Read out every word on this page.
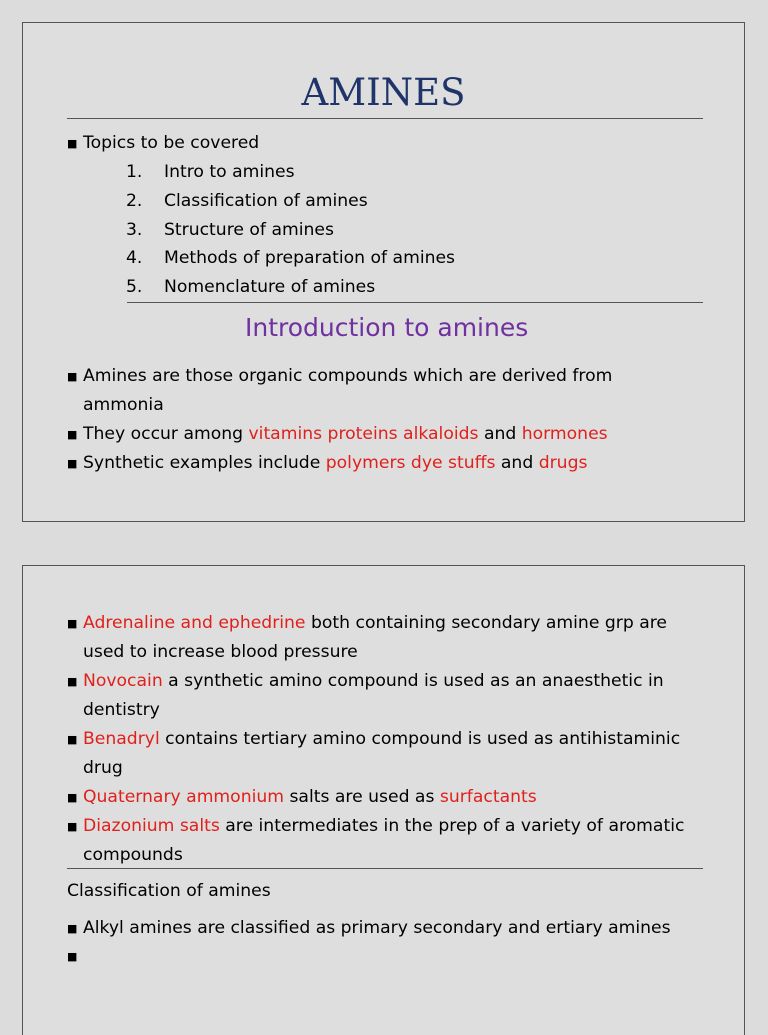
AMINES
■ Topics to be covered
1. Intro to amines
2. Classification of amines
3. Structure of amines
4. Methods of preparation of amines
5. Nomenclature of amines
Introduction to amines
■ Amines are those organic compounds which are derived from
ammonia
■ They occur among vitamins proteins alkaloids and hormones
■ Synthetic examples include polymers dye stuffs and drugs
■ Adrenaline and ephedrine both containing secondary amine grp are
used to increase blood pressure
■ Novocain a synthetic amino compound is used as an anaesthetic in
dentistry
■ Benadryl contains tertiary amino compound is used as antihistaminic
drug
■ Quaternary ammonium salts are used as surfactants
■ Diazonium salts are intermediates in the prep of a variety of aromatic
compounds
Classification of amines
■ Alkyl amines are classified as primary secondary and ertiary amines
■
